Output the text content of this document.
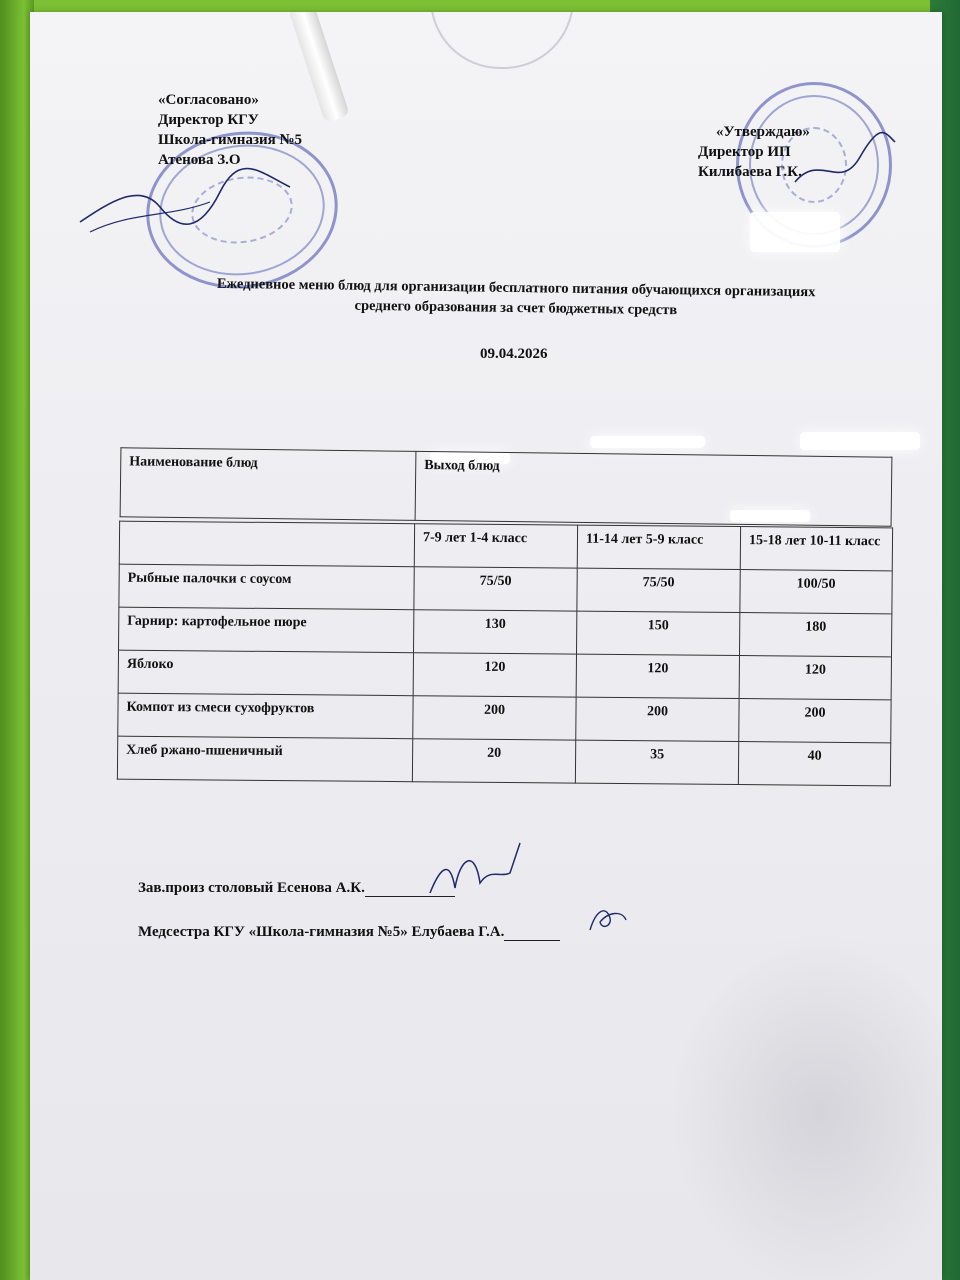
«Согласовано»
Директор КГУ
Школа-гимназия №5
Атенова З.О
«Утверждаю»
Директор ИП
Килибаева Г.К.
Ежедневное меню блюд для организации бесплатного питания обучающихся организациях
среднего образования за счет бюджетных средств
09.04.2026
Наименование блюд	Выход блюд
	7-9 лет 1-4 класс	11-14 лет 5-9 класс	15-18 лет 10-11 класс
Рыбные палочки с соусом	75/50	75/50	100/50
Гарнир: картофельное пюре	130	150	180
Яблоко	120	120	120
Компот из смеси сухофруктов	200	200	200
Хлеб ржано-пшеничный	20	35	40
Зав.произ столовый Есенова А.К.
Медсестра КГУ «Школа-гимназия №5» Елубаева Г.А.
